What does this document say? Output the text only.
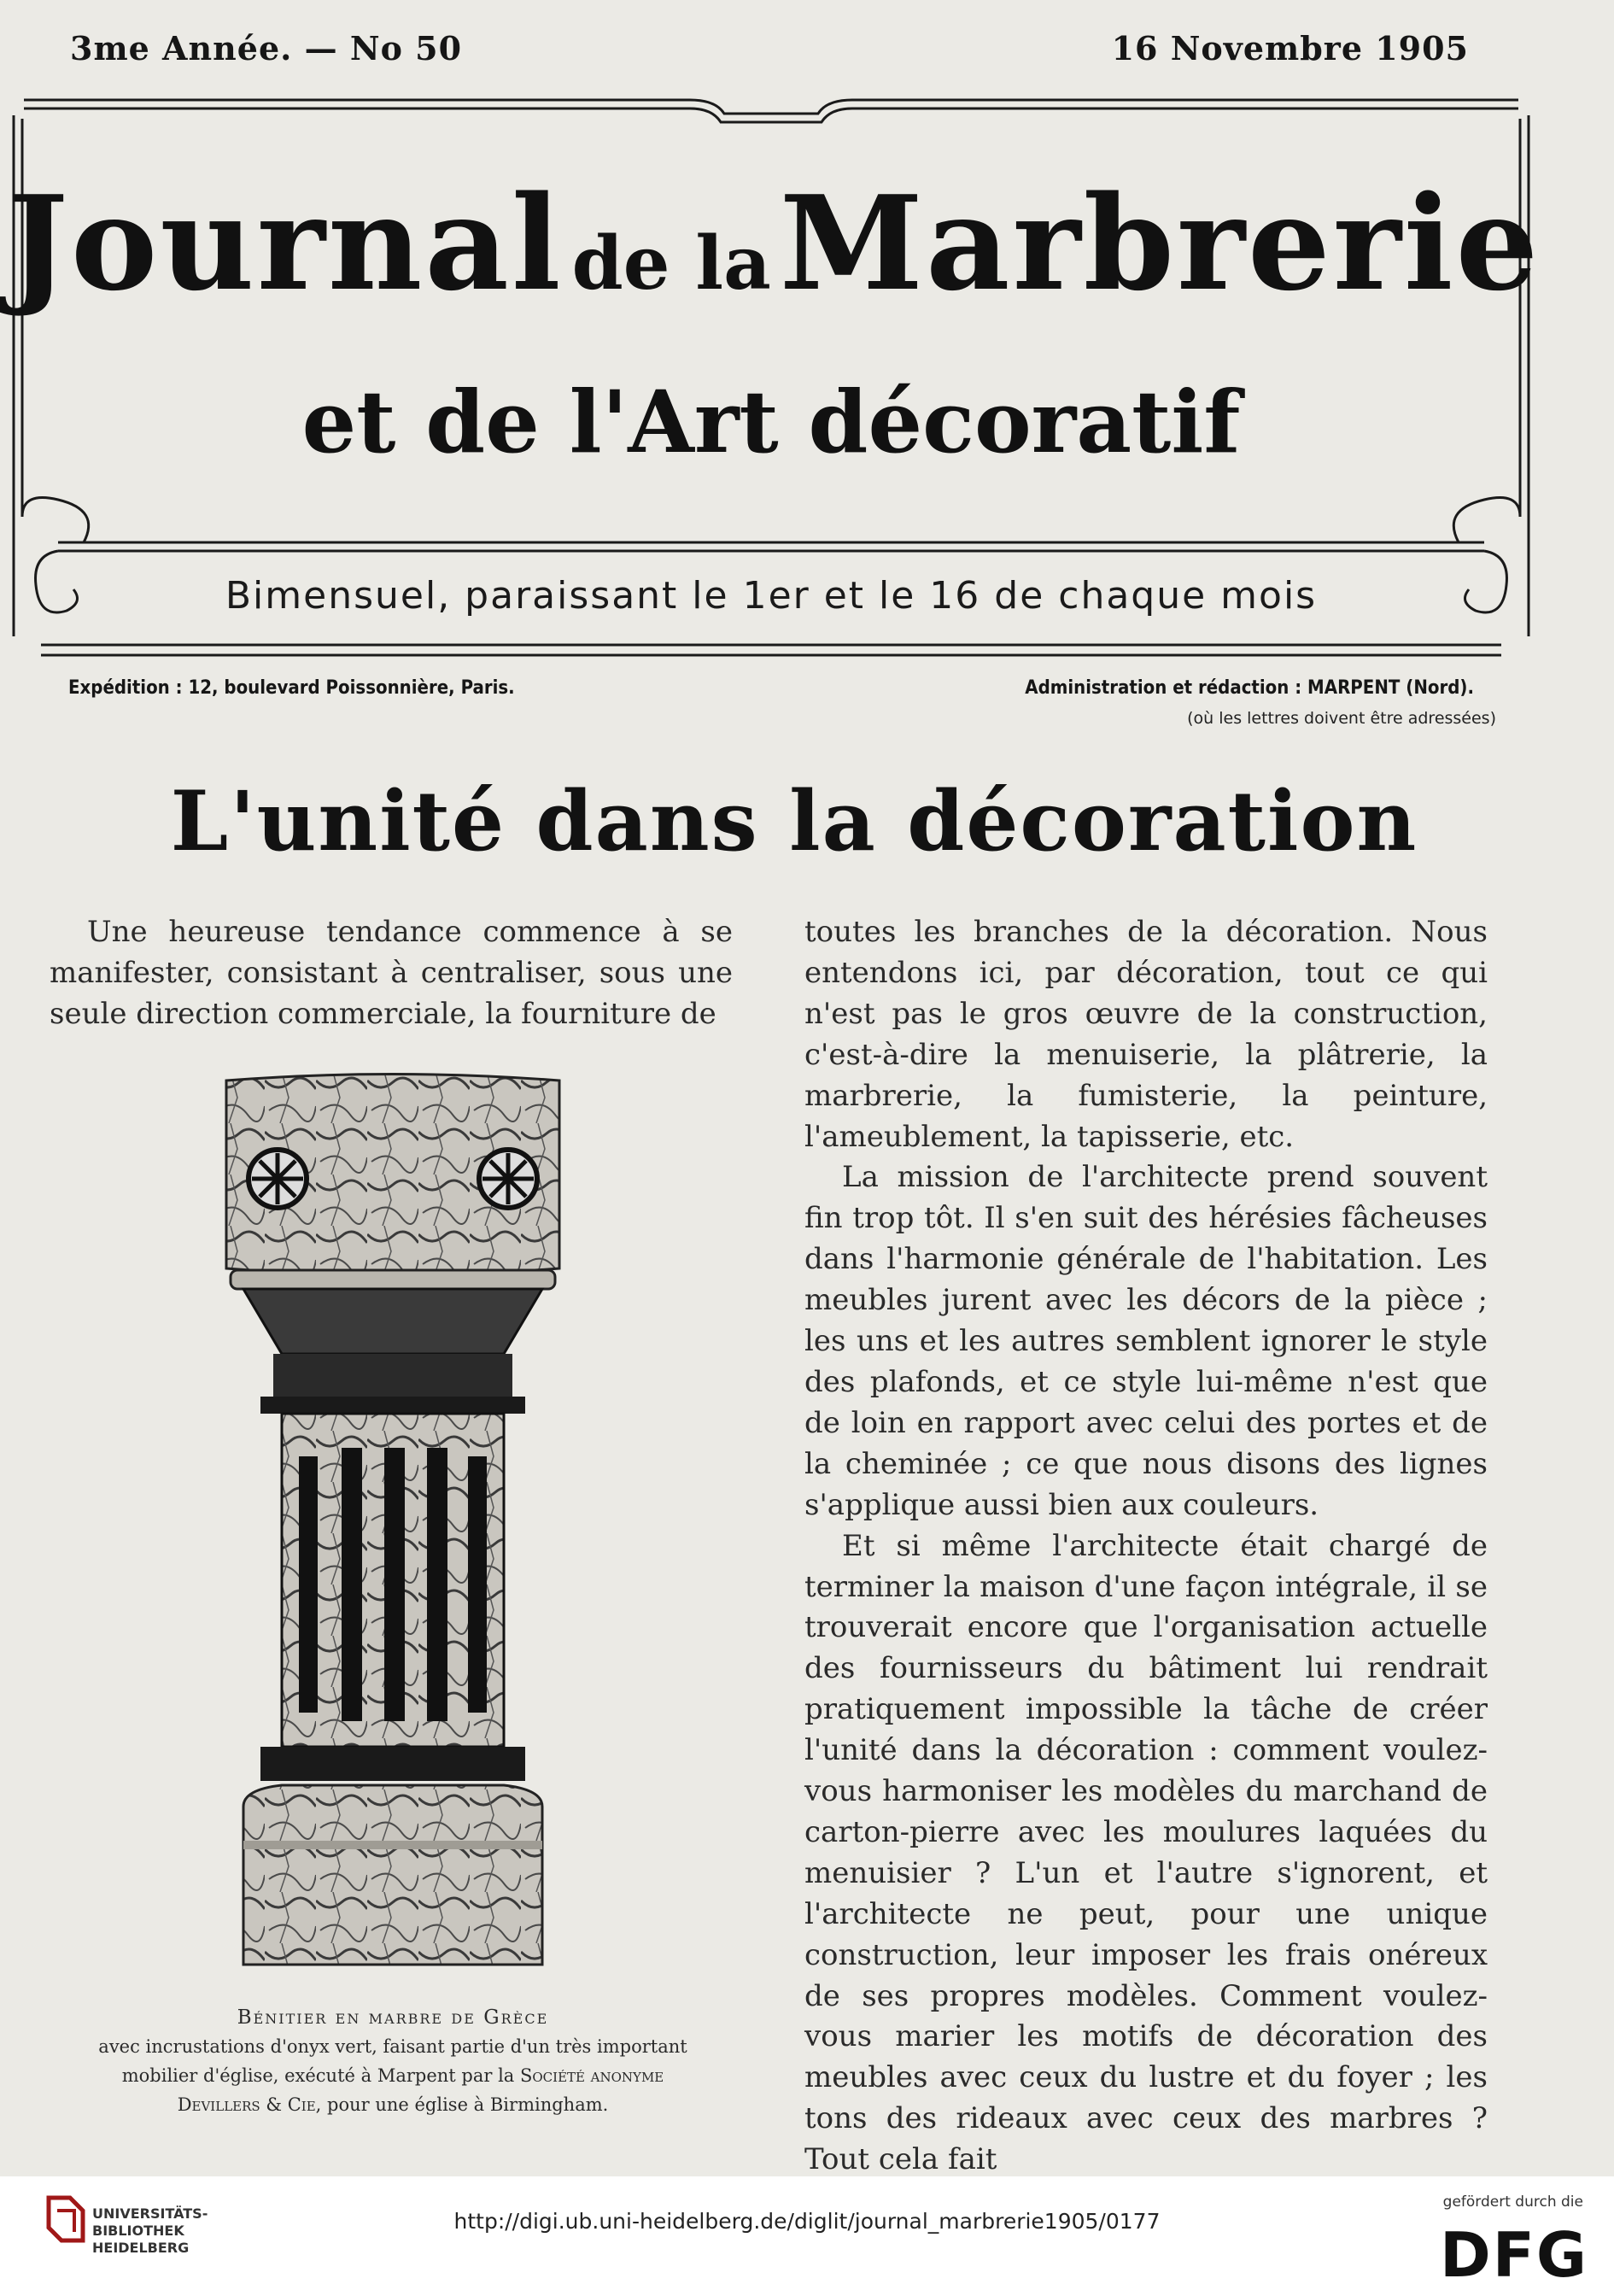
3me Année. — No 50	16 Novembre 1905
Journal de laMarbrerie
et de l'Art décoratif
Bimensuel, paraissant le 1er et le 16 de chaque mois
Expédition : 12, boulevard Poissonnière, Paris.	Administration et rédaction : MARPENT (Nord).
(où les lettres doivent être adressées)
L'unité dans la décoration

Une heureuse tendance commence à se manifester, consistant à centraliser, sous une seule direction commerciale, la fourniture de

Bénitier en marbre de Grèce
avec incrustations d'onyx vert, faisant partie d'un très important
mobilier d'église, exécuté à Marpent par la Société anonyme
Devillers & Cie, pour une église à Birmingham.

toutes les branches de la décoration. Nous entendons ici, par décoration, tout ce qui n'est pas le gros œuvre de la construction, c'est-à-dire la menuiserie, la plâtrerie, la marbrerie, la fumisterie, la peinture, l'ameublement, la tapisserie, etc.

La mission de l'architecte prend souvent fin trop tôt. Il s'en suit des hérésies fâcheuses dans l'harmonie générale de l'habitation. Les meubles jurent avec les décors de la pièce ; les uns et les autres semblent ignorer le style des plafonds, et ce style lui-même n'est que de loin en rapport avec celui des portes et de la cheminée ; ce que nous disons des lignes s'applique aussi bien aux couleurs.

Et si même l'architecte était chargé de terminer la maison d'une façon intégrale, il se trouverait encore que l'organisation actuelle des fournisseurs du bâtiment lui rendrait pratiquement impossible la tâche de créer l'unité dans la décoration : comment voulez-vous harmoniser les modèles du marchand de carton-pierre avec les moulures laquées du menuisier ? L'un et l'autre s'ignorent, et l'architecte ne peut, pour une unique construction, leur imposer les frais onéreux de ses propres modèles. Comment voulez-vous marier les motifs de décoration des meubles avec ceux du lustre et du foyer ; les tons des rideaux avec ceux des marbres ? Tout cela fait

UNIVERSITÄTS-
BIBLIOTHEK
HEIDELBERG
http://digi.ub.uni-heidelberg.de/diglit/journal_marbrerie1905/0177
gefördert durch die
DFG
